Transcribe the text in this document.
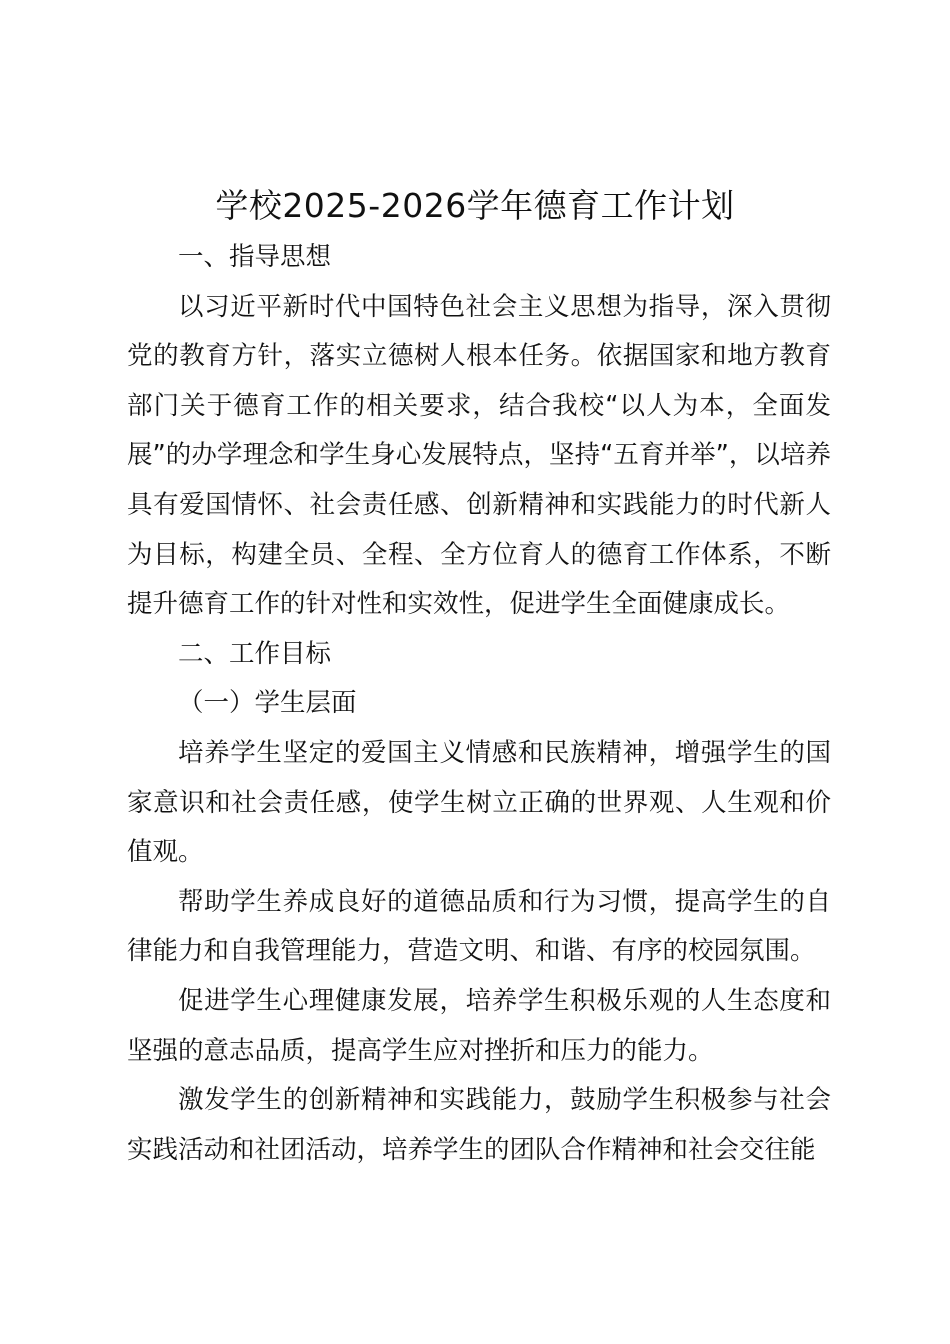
学校2025-2026学年德育工作计划

一、指导思想

以习近平新时代中国特色社会主义思想为指导，深入贯彻党的教育方针，落实立德树人根本任务。依据国家和地方教育部门关于德育工作的相关要求，结合我校“以人为本，全面发展”的办学理念和学生身心发展特点，坚持“五育并举”，以培养具有爱国情怀、社会责任感、创新精神和实践能力的时代新人为目标，构建全员、全程、全方位育人的德育工作体系，不断提升德育工作的针对性和实效性，促进学生全面健康成长。

二、工作目标

（一）学生层面

培养学生坚定的爱国主义情感和民族精神，增强学生的国家意识和社会责任感，使学生树立正确的世界观、人生观和价值观。

帮助学生养成良好的道德品质和行为习惯，提高学生的自律能力和自我管理能力，营造文明、和谐、有序的校园氛围。

促进学生心理健康发展，培养学生积极乐观的人生态度和坚强的意志品质，提高学生应对挫折和压力的能力。

激发学生的创新精神和实践能力，鼓励学生积极参与社会实践活动和社团活动，培养学生的团队合作精神和社会交往能
